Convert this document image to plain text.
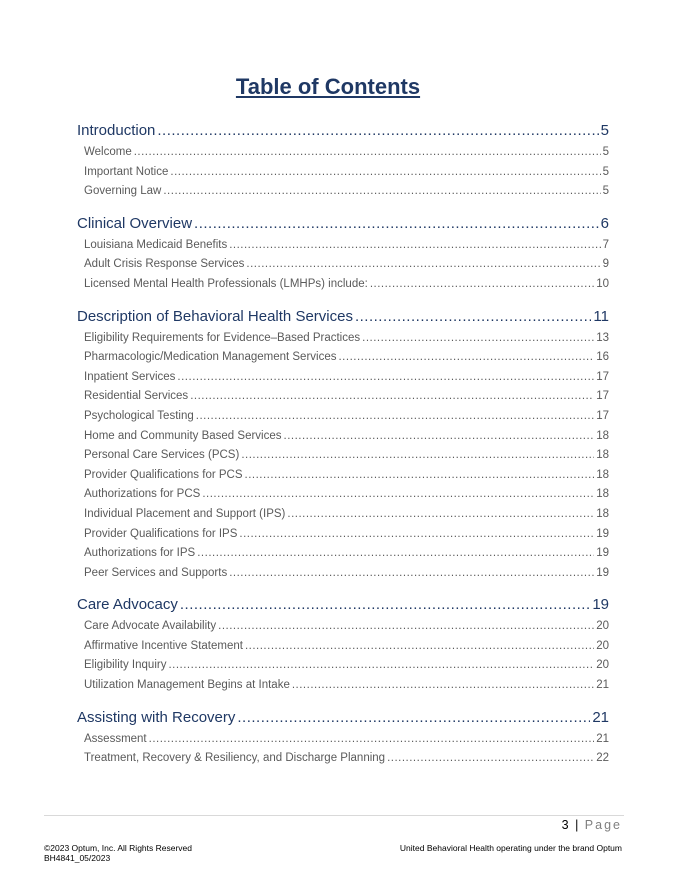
Table of Contents
Introduction .....	5
Welcome .....	5
Important Notice .....	5
Governing Law .....	5
Clinical Overview .....	6
Louisiana Medicaid Benefits .....	7
Adult Crisis Response Services .....	9
Licensed Mental Health Professionals (LMHPs) include: .....	10
Description of Behavioral Health Services .....	11
Eligibility Requirements for Evidence–Based Practices .....	13
Pharmacologic/Medication Management Services .....	16
Inpatient Services .....	17
Residential Services .....	17
Psychological Testing .....	17
Home and Community Based Services .....	18
Personal Care Services (PCS) .....	18
Provider Qualifications for PCS .....	18
Authorizations for PCS .....	18
Individual Placement and Support (IPS) .....	18
Provider Qualifications for IPS .....	19
Authorizations for IPS .....	19
Peer Services and Supports .....	19
Care Advocacy .....	19
Care Advocate Availability .....	20
Affirmative Incentive Statement .....	20
Eligibility Inquiry .....	20
Utilization Management Begins at Intake .....	21
Assisting with Recovery .....	21
Assessment .....	21
Treatment, Recovery & Resiliency, and Discharge Planning .....	22
3 | Page
©2023 Optum, Inc. All Rights Reserved
BH4841_05/2023
United Behavioral Health operating under the brand Optum
